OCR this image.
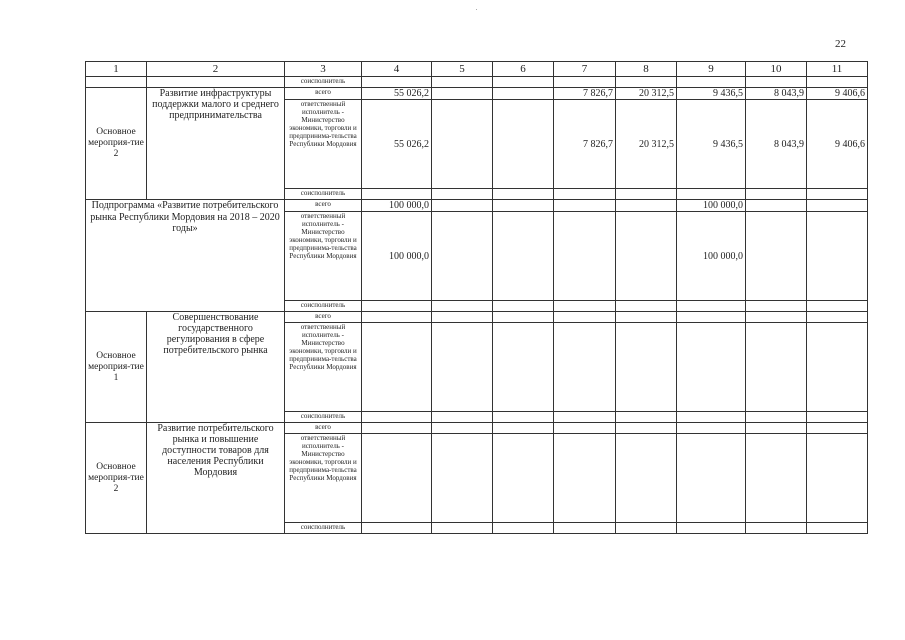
22
1	2	3	4	5	6	7	8	9	10	11
		соисполнитель								
Основное мероприя-тие 2	Развитие инфраструктуры поддержки малого и среднего предпринимательства	всего	55 026,2			7 826,7	20 312,5	9 436,5	8 043,9	9 406,6
		ответственный исполнитель - Министерство экономики, торговли и предпринима-тельства Республики Мордовия	55 026,2			7 826,7	20 312,5	9 436,5	8 043,9	9 406,6
		соисполнитель								
Подпрограмма «Развитие потребительского рынка Республики Мордовия на 2018 – 2020 годы»		всего	100 000,0					100 000,0		
		ответственный исполнитель - Министерство экономики, торговли и предпринима-тельства Республики Мордовия	100 000,0					100 000,0		
		соисполнитель								
Основное мероприя-тие 1	Совершенствование государственного регулирования в сфере потребительского рынка	всего								
		ответственный исполнитель - Министерство экономики, торговли и предпринима-тельства Республики Мордовия								
		соисполнитель								
Основное мероприя-тие 2	Развитие потребительского рынка и повышение доступности товаров для населения Республики Мордовия	всего								
		ответственный исполнитель - Министерство экономики, торговли и предпринима-тельства Республики Мордовия								
		соисполнитель								
